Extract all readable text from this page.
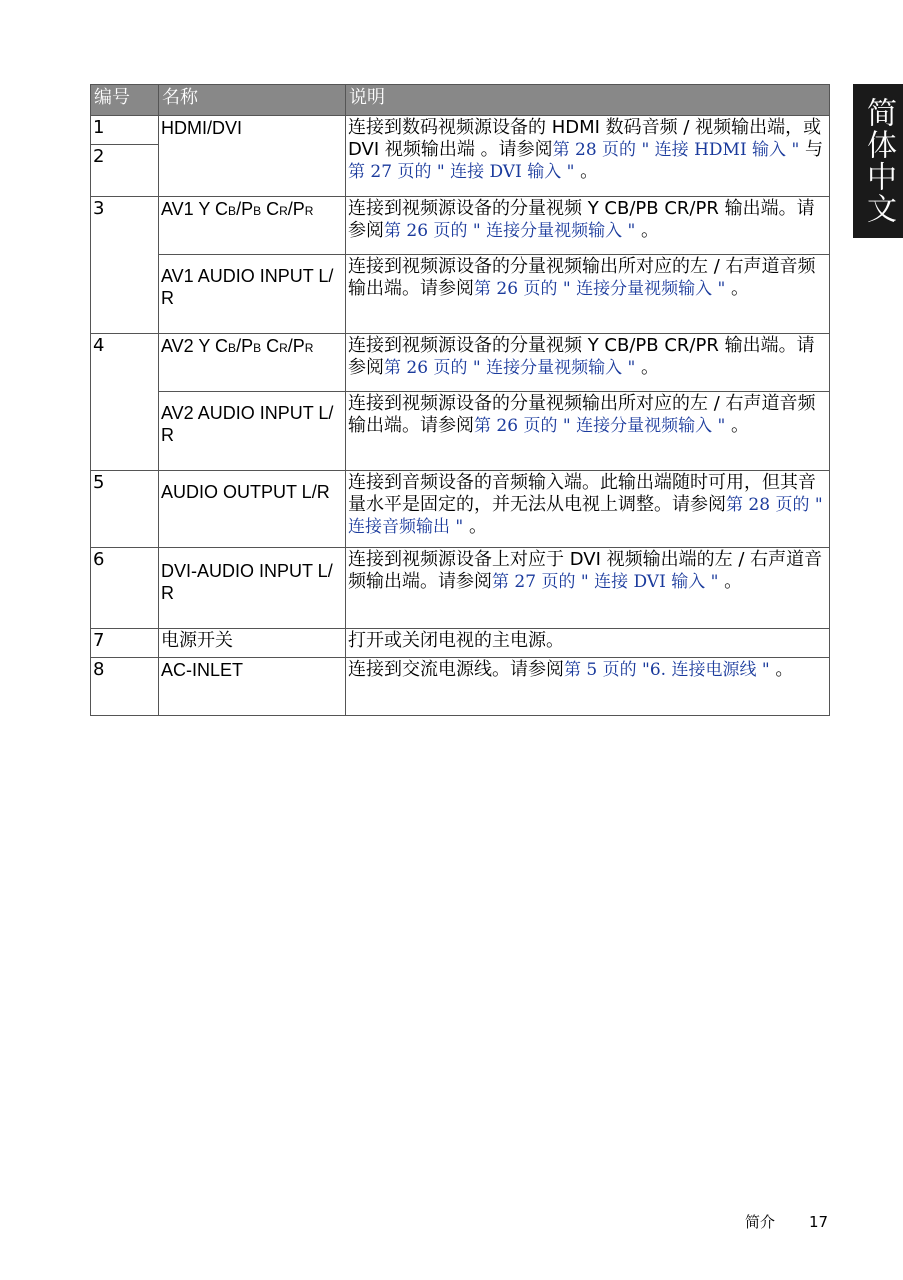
简体中文
编号	名称	说明
1	HDMI/DVI	连接到数码视频源设备的 HDMI 数码音频 / 视频输出端，或 DVI 视频输出端 。请参阅第 28 页的 " 连接 HDMI 输入 " 与第 27 页的 " 连接 DVI 输入 " 。
2		
3	AV1 Y CB/PB CR/PR	连接到视频源设备的分量视频 Y CB/PB CR/PR 输出端。请参阅第 26 页的 " 连接分量视频输入 " 。
	AV1 AUDIO INPUT L/R	连接到视频源设备的分量视频输出所对应的左 / 右声道音频输出端。请参阅第 26 页的 " 连接分量视频输入 " 。
4	AV2 Y CB/PB CR/PR	连接到视频源设备的分量视频 Y CB/PB CR/PR 输出端。请参阅第 26 页的 " 连接分量视频输入 " 。
	AV2 AUDIO INPUT L/R	连接到视频源设备的分量视频输出所对应的左 / 右声道音频输出端。请参阅第 26 页的 " 连接分量视频输入 " 。
5	AUDIO OUTPUT L/R	连接到音频设备的音频输入端。此输出端随时可用，但其音量水平是固定的，并无法从电视上调整。请参阅第 28 页的 " 连接音频输出 " 。
6	DVI-AUDIO INPUT L/R	连接到视频源设备上对应于 DVI 视频输出端的左 / 右声道音频输出端。请参阅第 27 页的 " 连接 DVI 输入 " 。
7	电源开关	打开或关闭电视的主电源。
8	AC-INLET	连接到交流电源线。请参阅第 5 页的 "6. 连接电源线 " 。
简介 17
